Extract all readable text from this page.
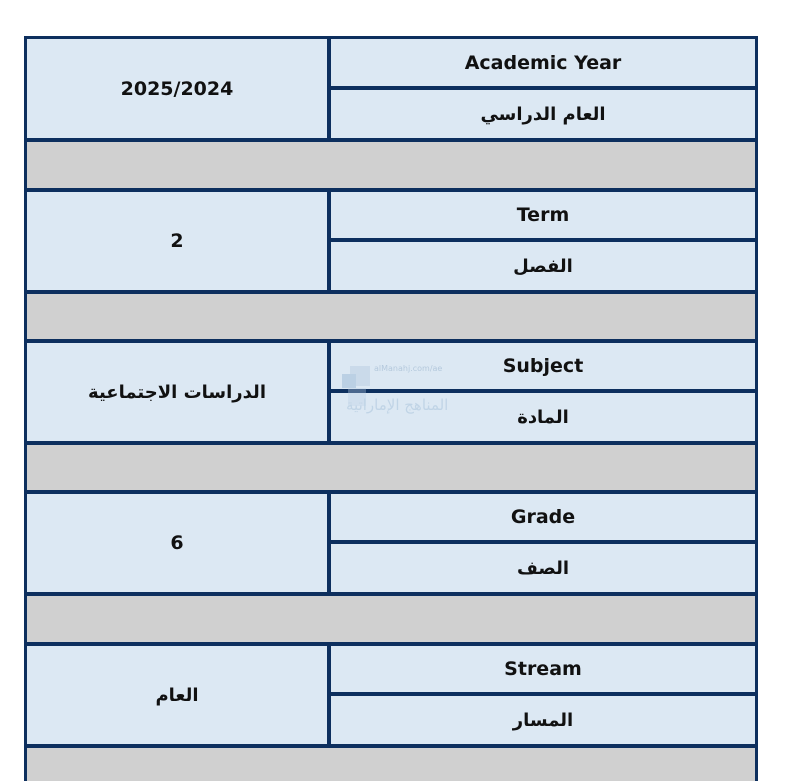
2025/2024
Academic Year
العام الدراسي
2
Term
الفصل
الدراسات الاجتماعية
Subject
المادة
6
Grade
الصف
العام
Stream
المسار
alManahj.com/ae
المناهج الإماراتية
